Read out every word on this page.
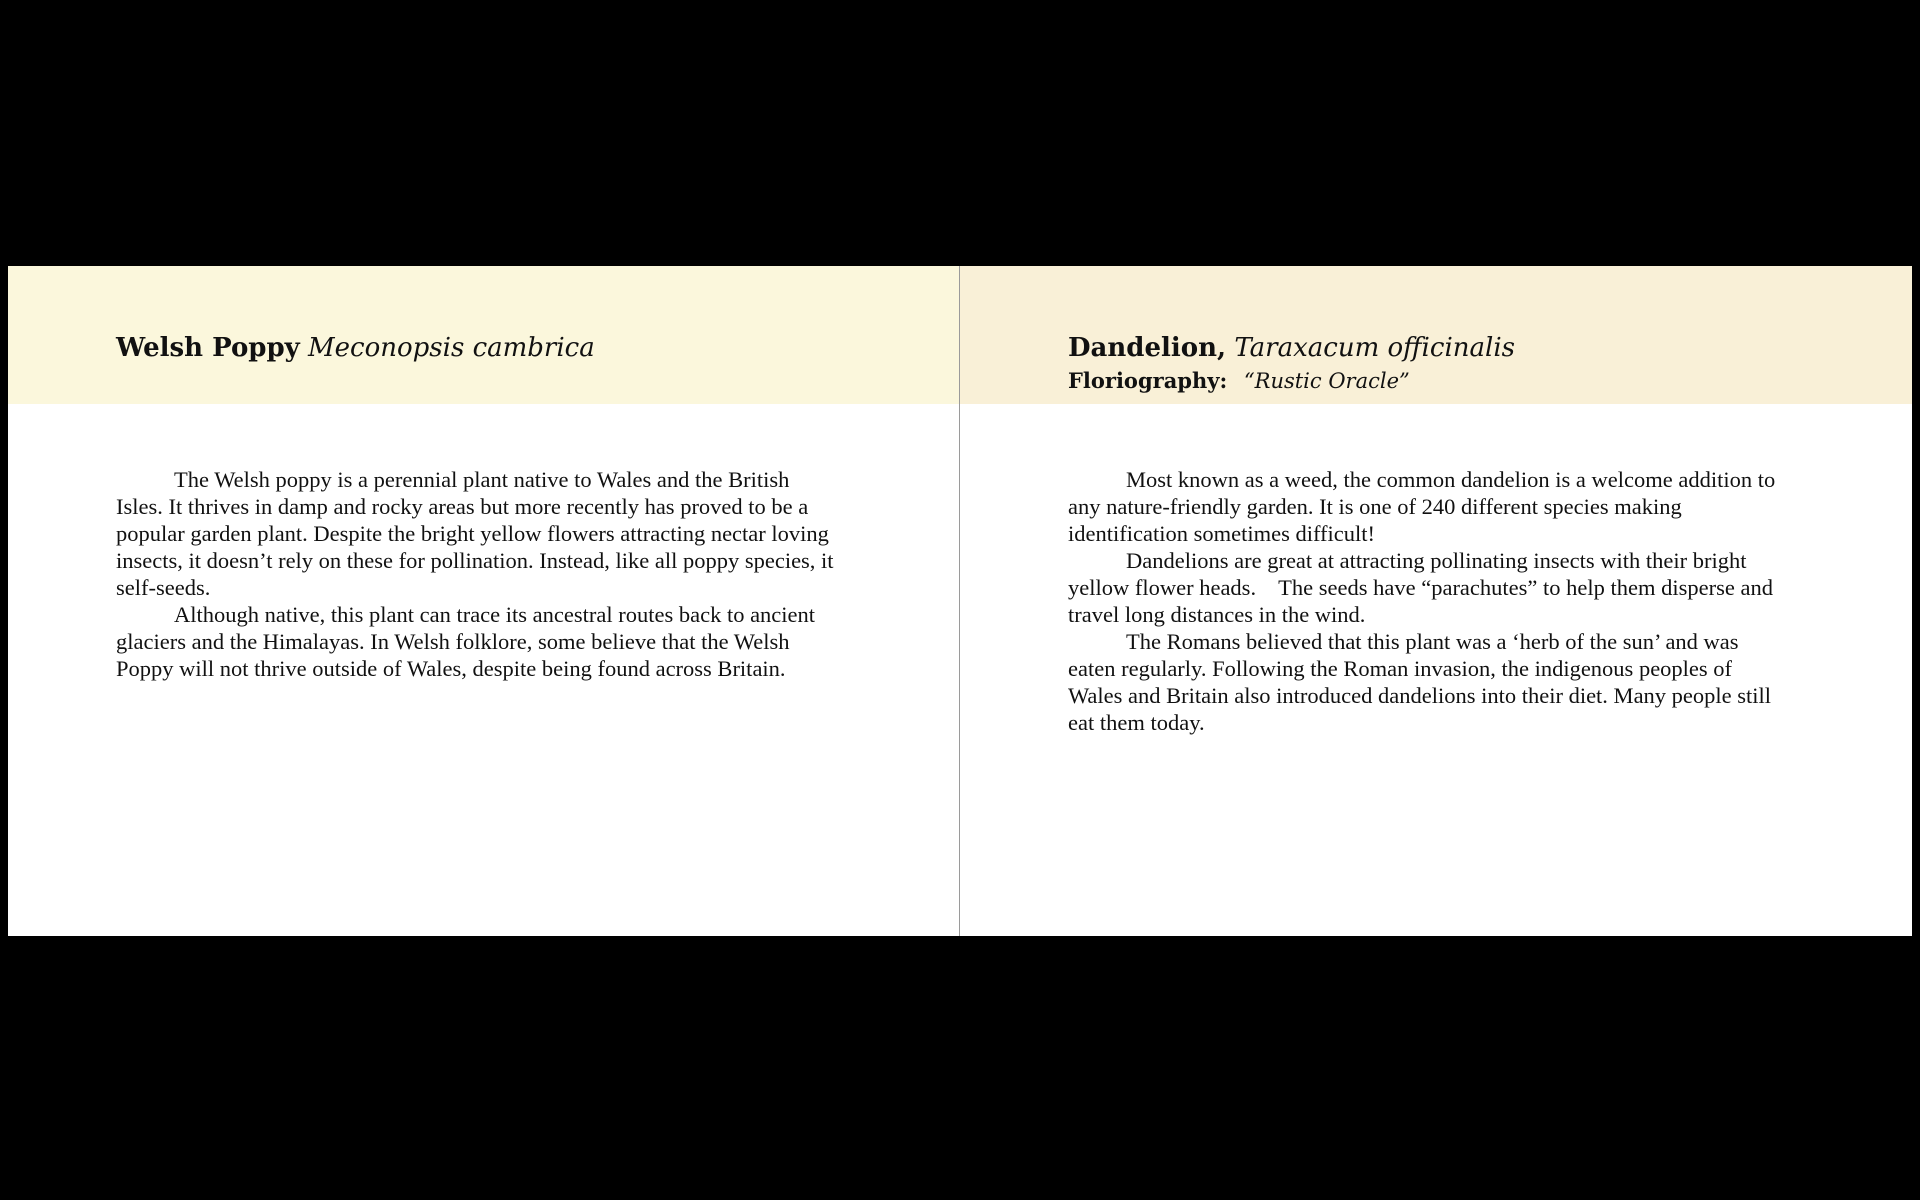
Welsh Poppy Meconopsis cambrica

The Welsh poppy is a perennial plant native to Wales and the British Isles. It thrives in damp and rocky areas but more recently has proved to be a popular garden plant. Despite the bright yellow flowers attracting nectar loving insects, it doesn’t rely on these for pollination. Instead, like all poppy species, it self-seeds.

Although native, this plant can trace its ancestral routes back to ancient glaciers and the Himalayas. In Welsh folklore, some believe that the Welsh Poppy will not thrive outside of Wales, despite being found across Britain.

Dandelion, Taraxacum officinalis
Floriography: “Rustic Oracle”

Most known as a weed, the common dandelion is a welcome addition to any nature-friendly garden. It is one of 240 different species making identification sometimes difficult!

Dandelions are great at attracting pollinating insects with their bright yellow flower heads.    The seeds have “parachutes” to help them disperse and travel long distances in the wind.

The Romans believed that this plant was a ‘herb of the sun’ and was eaten regularly. Following the Roman invasion, the indigenous peoples of Wales and Britain also introduced dandelions into their diet. Many people still eat them today.
